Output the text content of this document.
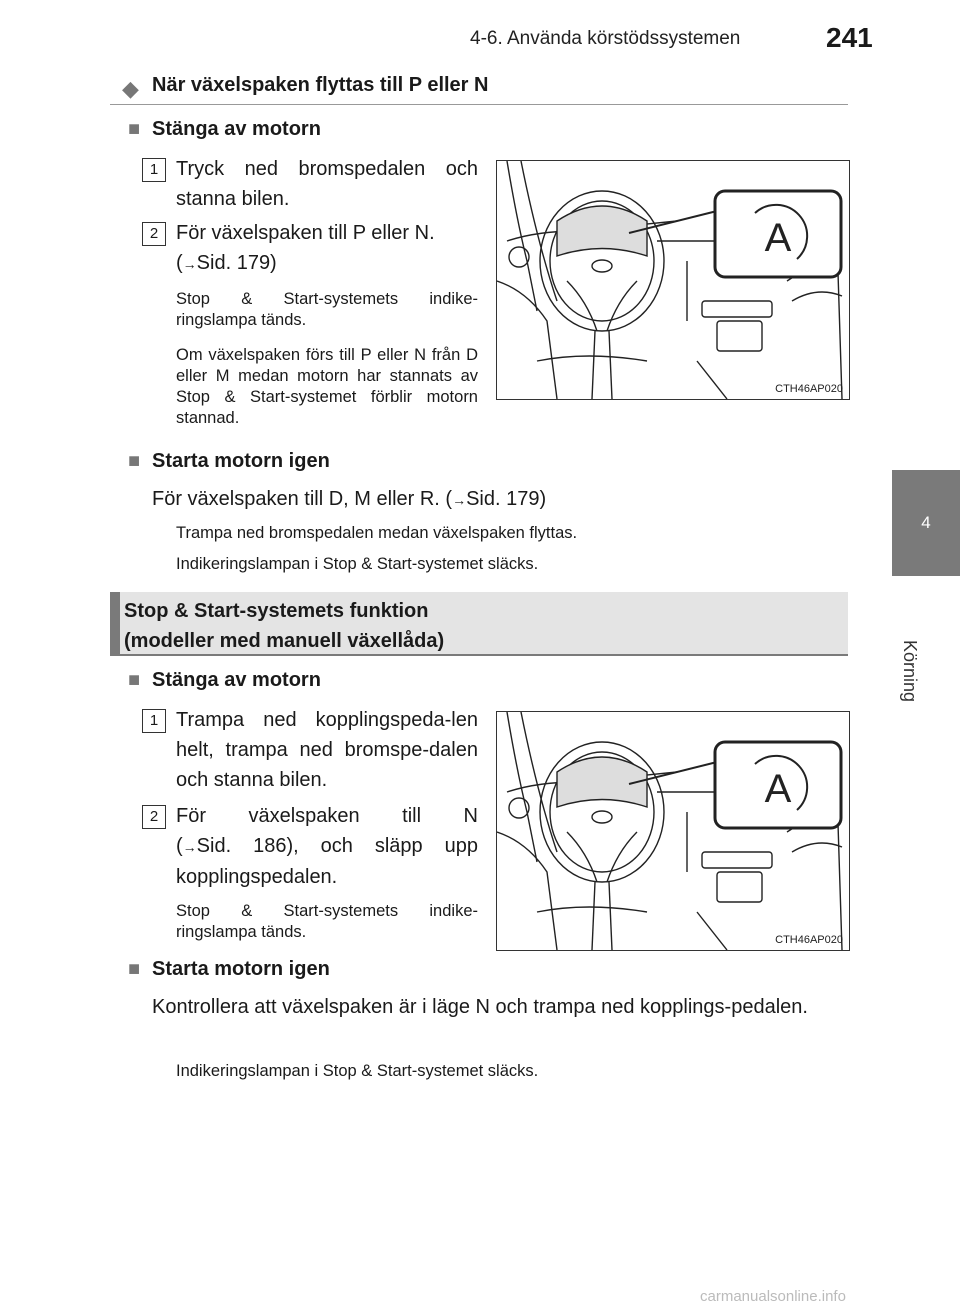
4-6. Använda körstödssystemen	241
4
Körning
◆ När växelspaken flyttas till P eller N
■ Stänga av motorn
1 Tryck ned bromspedalen och stanna bilen.
2 För växelspaken till P eller N.
(→Sid. 179)
Stop & Start-systemets indike-ringslampa tänds.
Om växelspaken förs till P eller N från D eller M medan motorn har stannats av Stop & Start-systemet förblir motorn stannad.
A
CTH46AP020
■ Starta motorn igen
För växelspaken till D, M eller R. (→Sid. 179)
Trampa ned bromspedalen medan växelspaken flyttas.
Indikeringslampan i Stop & Start-systemet släcks.
Stop & Start-systemets funktion
(modeller med manuell växellåda)
■ Stänga av motorn
1 Trampa ned kopplingspeda-len helt, trampa ned bromspe-dalen och stanna bilen.
2 För växelspaken till N
(→Sid. 186), och släpp upp kopplingspedalen.
Stop & Start-systemets indike-ringslampa tänds.
A
CTH46AP020
■ Starta motorn igen
Kontrollera att växelspaken är i läge N och trampa ned kopplings-pedalen.
Indikeringslampan i Stop & Start-systemet släcks.
carmanualsonline.info
